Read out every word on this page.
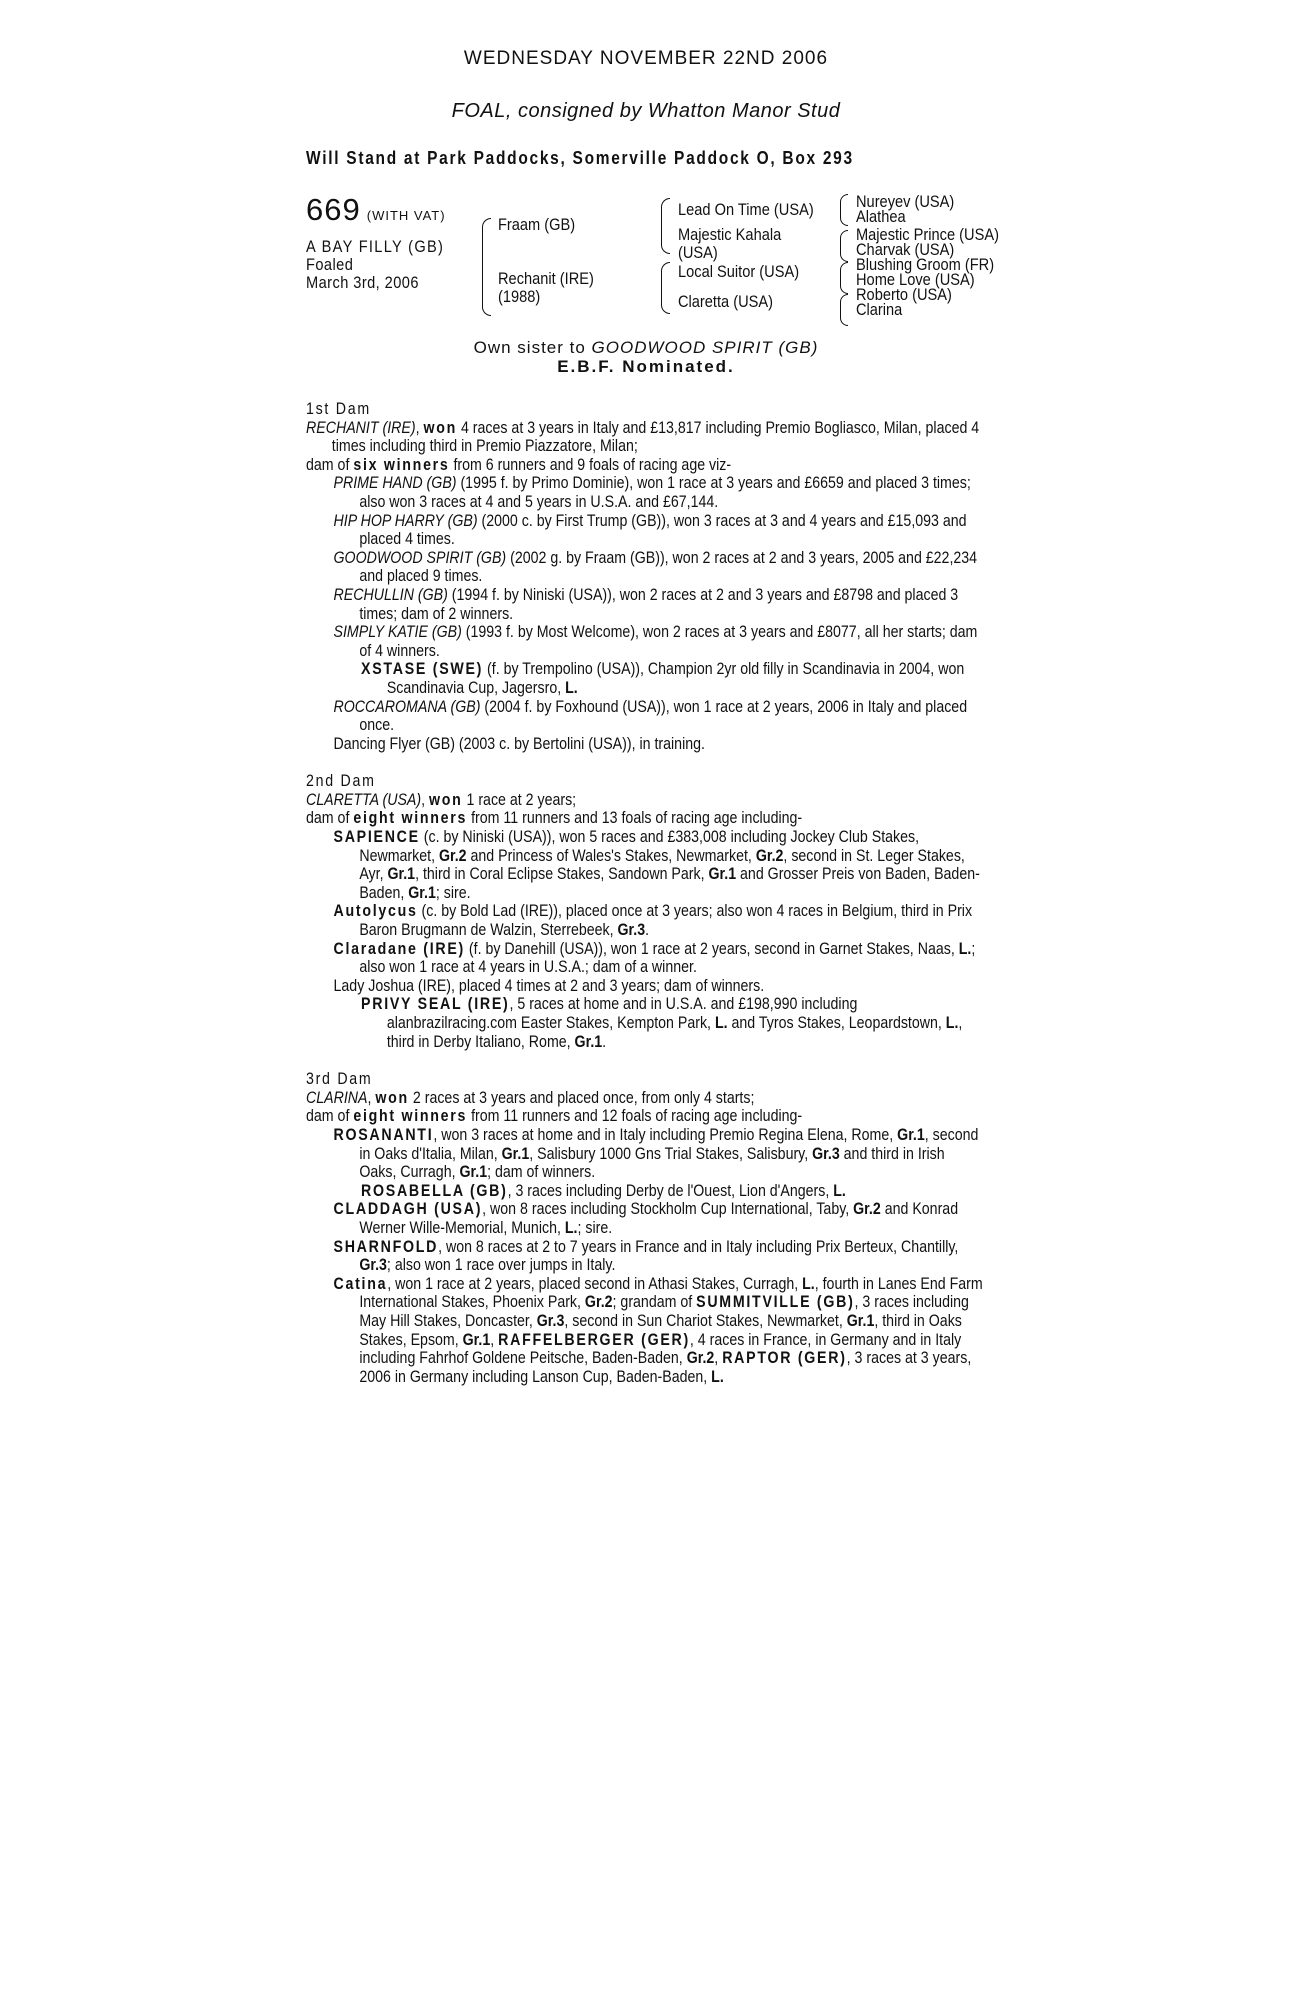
WEDNESDAY NOVEMBER 22ND 2006
FOAL, consigned by Whatton Manor Stud
Will Stand at Park Paddocks, Somerville Paddock O, Box 293
669 (WITH VAT)
A BAY FILLY (GB)
Foaled
March 3rd, 2006
Fraam (GB)
Rechanit (IRE)
(1988)
Lead On Time (USA)
Majestic Kahala
(USA)
Local Suitor (USA)
Claretta (USA)
Nureyev (USA)
Alathea
Majestic Prince (USA)
Charvak (USA)
Blushing Groom (FR)
Home Love (USA)
Roberto (USA)
Clarina
Own sister to GOODWOOD SPIRIT (GB)
E.B.F. Nominated.
1st Dam
RECHANIT (IRE), won 4 races at 3 years in Italy and £13,817 including Premio Bogliasco, Milan, placed 4 times including third in Premio Piazzatore, Milan;
dam of six winners from 6 runners and 9 foals of racing age viz-
PRIME HAND (GB) (1995 f. by Primo Dominie), won 1 race at 3 years and £6659 and placed 3 times; also won 3 races at 4 and 5 years in U.S.A. and £67,144.
HIP HOP HARRY (GB) (2000 c. by First Trump (GB)), won 3 races at 3 and 4 years and £15,093 and placed 4 times.
GOODWOOD SPIRIT (GB) (2002 g. by Fraam (GB)), won 2 races at 2 and 3 years, 2005 and £22,234 and placed 9 times.
RECHULLIN (GB) (1994 f. by Niniski (USA)), won 2 races at 2 and 3 years and £8798 and placed 3 times; dam of 2 winners.
SIMPLY KATIE (GB) (1993 f. by Most Welcome), won 2 races at 3 years and £8077, all her starts; dam of 4 winners.
XSTASE (SWE) (f. by Trempolino (USA)), Champion 2yr old filly in Scandinavia in 2004, won Scandinavia Cup, Jagersro, L.
ROCCAROMANA (GB) (2004 f. by Foxhound (USA)), won 1 race at 2 years, 2006 in Italy and placed once.
Dancing Flyer (GB) (2003 c. by Bertolini (USA)), in training.
2nd Dam
CLARETTA (USA), won 1 race at 2 years;
dam of eight winners from 11 runners and 13 foals of racing age including-
SAPIENCE (c. by Niniski (USA)), won 5 races and £383,008 including Jockey Club Stakes, Newmarket, Gr.2 and Princess of Wales's Stakes, Newmarket, Gr.2, second in St. Leger Stakes, Ayr, Gr.1, third in Coral Eclipse Stakes, Sandown Park, Gr.1 and Grosser Preis von Baden, Baden-Baden, Gr.1; sire.
Autolycus (c. by Bold Lad (IRE)), placed once at 3 years; also won 4 races in Belgium, third in Prix Baron Brugmann de Walzin, Sterrebeek, Gr.3.
Claradane (IRE) (f. by Danehill (USA)), won 1 race at 2 years, second in Garnet Stakes, Naas, L.; also won 1 race at 4 years in U.S.A.; dam of a winner.
Lady Joshua (IRE), placed 4 times at 2 and 3 years; dam of winners.
PRIVY SEAL (IRE), 5 races at home and in U.S.A. and £198,990 including alanbrazilracing.com Easter Stakes, Kempton Park, L. and Tyros Stakes, Leopardstown, L., third in Derby Italiano, Rome, Gr.1.
3rd Dam
CLARINA, won 2 races at 3 years and placed once, from only 4 starts;
dam of eight winners from 11 runners and 12 foals of racing age including-
ROSANANTI, won 3 races at home and in Italy including Premio Regina Elena, Rome, Gr.1, second in Oaks d'Italia, Milan, Gr.1, Salisbury 1000 Gns Trial Stakes, Salisbury, Gr.3 and third in Irish Oaks, Curragh, Gr.1; dam of winners.
ROSABELLA (GB), 3 races including Derby de l'Ouest, Lion d'Angers, L.
CLADDAGH (USA), won 8 races including Stockholm Cup International, Taby, Gr.2 and Konrad Werner Wille-Memorial, Munich, L.; sire.
SHARNFOLD, won 8 races at 2 to 7 years in France and in Italy including Prix Berteux, Chantilly, Gr.3; also won 1 race over jumps in Italy.
Catina, won 1 race at 2 years, placed second in Athasi Stakes, Curragh, L., fourth in Lanes End Farm International Stakes, Phoenix Park, Gr.2; grandam of SUMMITVILLE (GB), 3 races including May Hill Stakes, Doncaster, Gr.3, second in Sun Chariot Stakes, Newmarket, Gr.1, third in Oaks Stakes, Epsom, Gr.1, RAFFELBERGER (GER), 4 races in France, in Germany and in Italy including Fahrhof Goldene Peitsche, Baden-Baden, Gr.2, RAPTOR (GER), 3 races at 3 years, 2006 in Germany including Lanson Cup, Baden-Baden, L.
